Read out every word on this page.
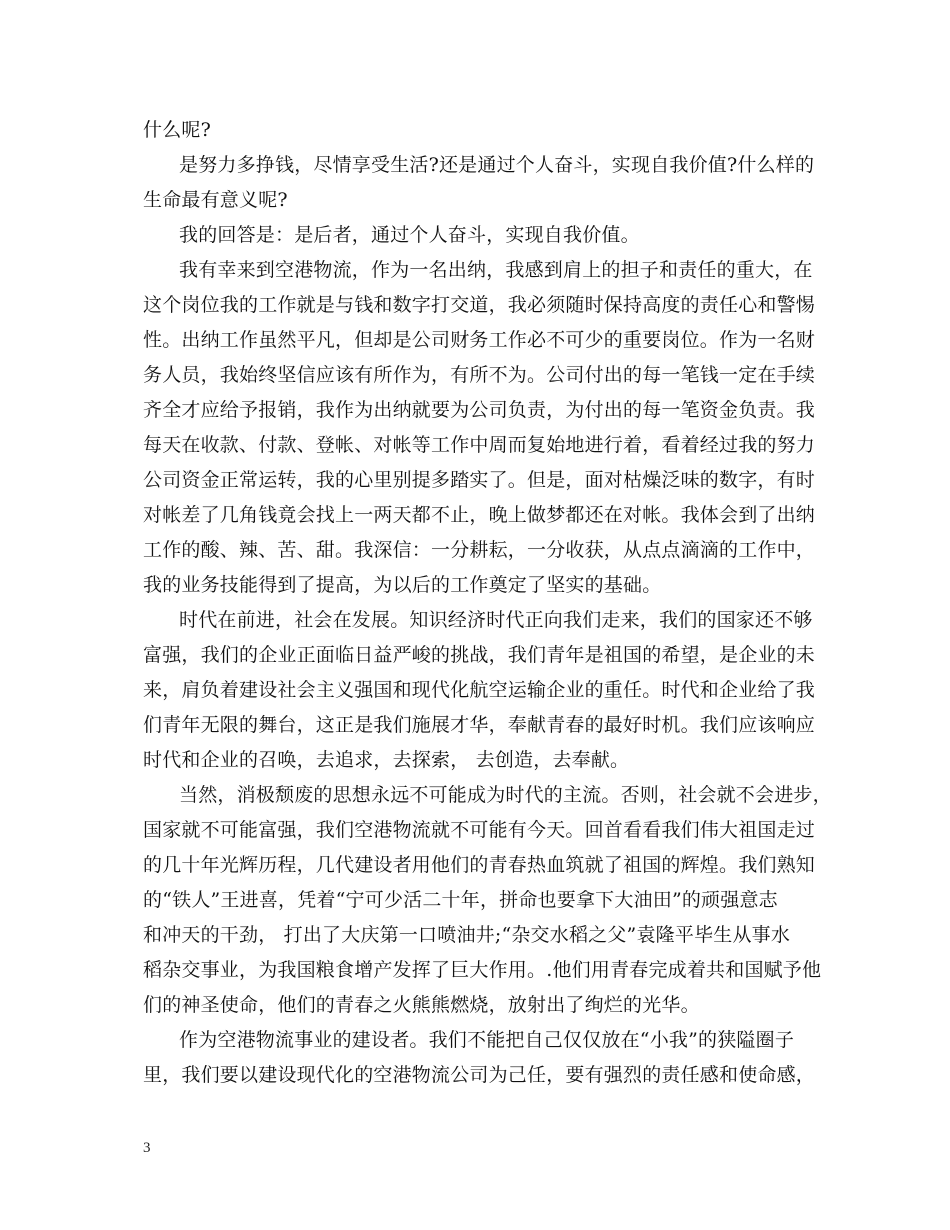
什么呢?
是努力多挣钱，尽情享受生活?还是通过个人奋斗，实现自我价值?什么样的
生命最有意义呢?
我的回答是：是后者，通过个人奋斗，实现自我价值。
我有幸来到空港物流，作为一名出纳，我感到肩上的担子和责任的重大，在
这个岗位我的工作就是与钱和数字打交道，我必须随时保持高度的责任心和警惕
性。出纳工作虽然平凡，但却是公司财务工作必不可少的重要岗位。作为一名财
务人员，我始终坚信应该有所作为，有所不为。公司付出的每一笔钱一定在手续
齐全才应给予报销，我作为出纳就要为公司负责，为付出的每一笔资金负责。我
每天在收款、付款、登帐、对帐等工作中周而复始地进行着，看着经过我的努力
公司资金正常运转，我的心里别提多踏实了。但是，面对枯燥泛味的数字，有时
对帐差了几角钱竟会找上一两天都不止，晚上做梦都还在对帐。我体会到了出纳
工作的酸、辣、苦、甜。我深信：一分耕耘，一分收获，从点点滴滴的工作中，
我的业务技能得到了提高，为以后的工作奠定了坚实的基础。
时代在前进，社会在发展。知识经济时代正向我们走来，我们的国家还不够
富强，我们的企业正面临日益严峻的挑战，我们青年是祖国的希望，是企业的未
来，肩负着建设社会主义强国和现代化航空运输企业的重任。时代和企业给了我
们青年无限的舞台，这正是我们施展才华，奉献青春的最好时机。我们应该响应
时代和企业的召唤，去追求，去探索， 去创造，去奉献。
当然，消极颓废的思想永远不可能成为时代的主流。否则，社会就不会进步，
国家就不可能富强，我们空港物流就不可能有今天。回首看看我们伟大祖国走过
的几十年光辉历程，几代建设者用他们的青春热血筑就了祖国的辉煌。我们熟知
的“铁人”王进喜，凭着“宁可少活二十年，拼命也要拿下大油田”的顽强意志
和冲天的干劲， 打出了大庆第一口喷油井;“杂交水稻之父”袁隆平毕生从事水
稻杂交事业，为我国粮食增产发挥了巨大作用。.他们用青春完成着共和国赋予他
们的神圣使命，他们的青春之火熊熊燃烧，放射出了绚烂的光华。
作为空港物流事业的建设者。我们不能把自己仅仅放在“小我”的狭隘圈子
里，我们要以建设现代化的空港物流公司为己任，要有强烈的责任感和使命感，
3
